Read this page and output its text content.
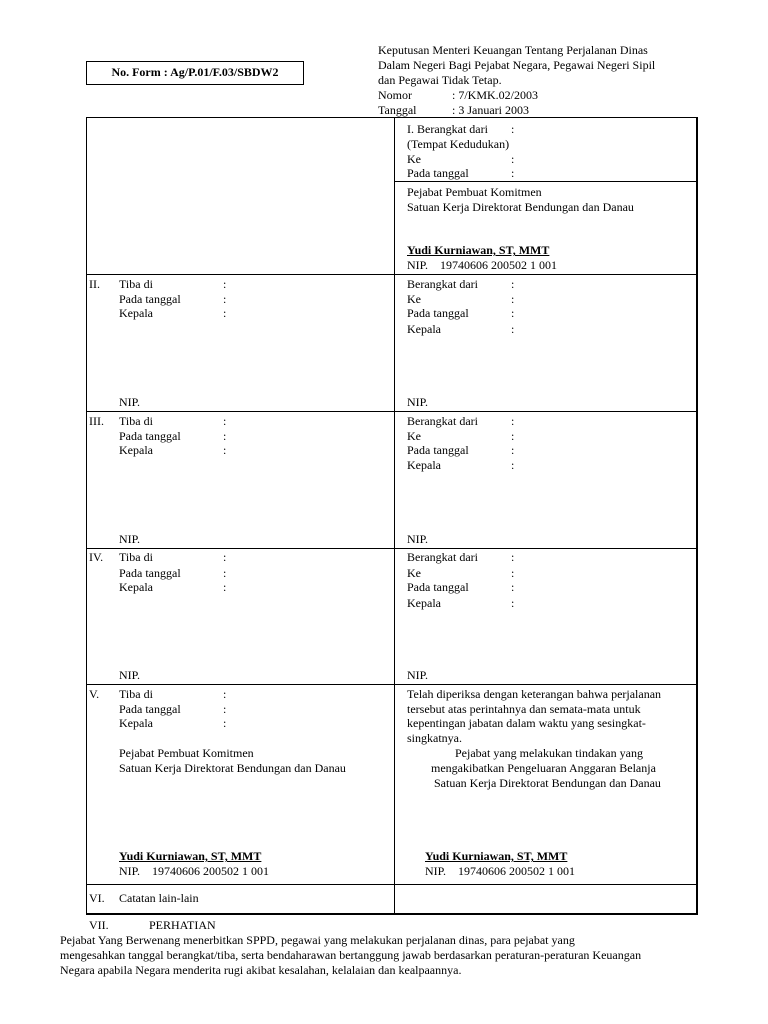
No. Form : Ag/P.01/F.03/SBDW2
Keputusan Menteri Keuangan Tentang Perjalanan Dinas
Dalam Negeri Bagi Pejabat Negara, Pegawai Negeri Sipil
dan Pegawai Tidak Tetap.
Nomor	: 7/KMK.02/2003
Tanggal	: 3 Januari 2003
I. Berangkat dari :
(Tempat Kedudukan)
Ke	:
Pada tanggal	:
Pejabat Pembuat Komitmen
Satuan Kerja Direktorat Bendungan dan Danau
Yudi Kurniawan, ST, MMT
NIP.    19740606 200502 1 001
II. Tiba di	:
Pada tanggal	:
Kepala	:
NIP.
Berangkat dari	:
Ke	:
Pada tanggal	:
Kepala	:
NIP.
III. Tiba di	:
Pada tanggal	:
Kepala	:
NIP.
Berangkat dari	:
Ke	:
Pada tanggal	:
Kepala	:
NIP.
IV. Tiba di	:
Pada tanggal	:
Kepala	:
NIP.
Berangkat dari	:
Ke	:
Pada tanggal	:
Kepala	:
NIP.
V. Tiba di	:
Pada tanggal	:
Kepala	:
Pejabat Pembuat Komitmen
Satuan Kerja Direktorat Bendungan dan Danau
Yudi Kurniawan, ST, MMT
NIP.    19740606 200502 1 001
Telah diperiksa dengan keterangan bahwa perjalanan
tersebut atas perintahnya dan semata-mata untuk
kepentingan jabatan dalam waktu yang sesingkat-
singkatnya.
Pejabat yang melakukan tindakan yang
mengakibatkan Pengeluaran Anggaran Belanja
Satuan Kerja Direktorat Bendungan dan Danau
Yudi Kurniawan, ST, MMT
NIP.    19740606 200502 1 001
VI. Catatan lain-lain
VII.	PERHATIAN
Pejabat Yang Berwenang menerbitkan SPPD, pegawai yang melakukan perjalanan dinas, para pejabat yang
mengesahkan tanggal berangkat/tiba, serta bendaharawan bertanggung jawab berdasarkan peraturan-peraturan Keuangan
Negara apabila Negara menderita rugi akibat kesalahan, kelalaian dan kealpaannya.
